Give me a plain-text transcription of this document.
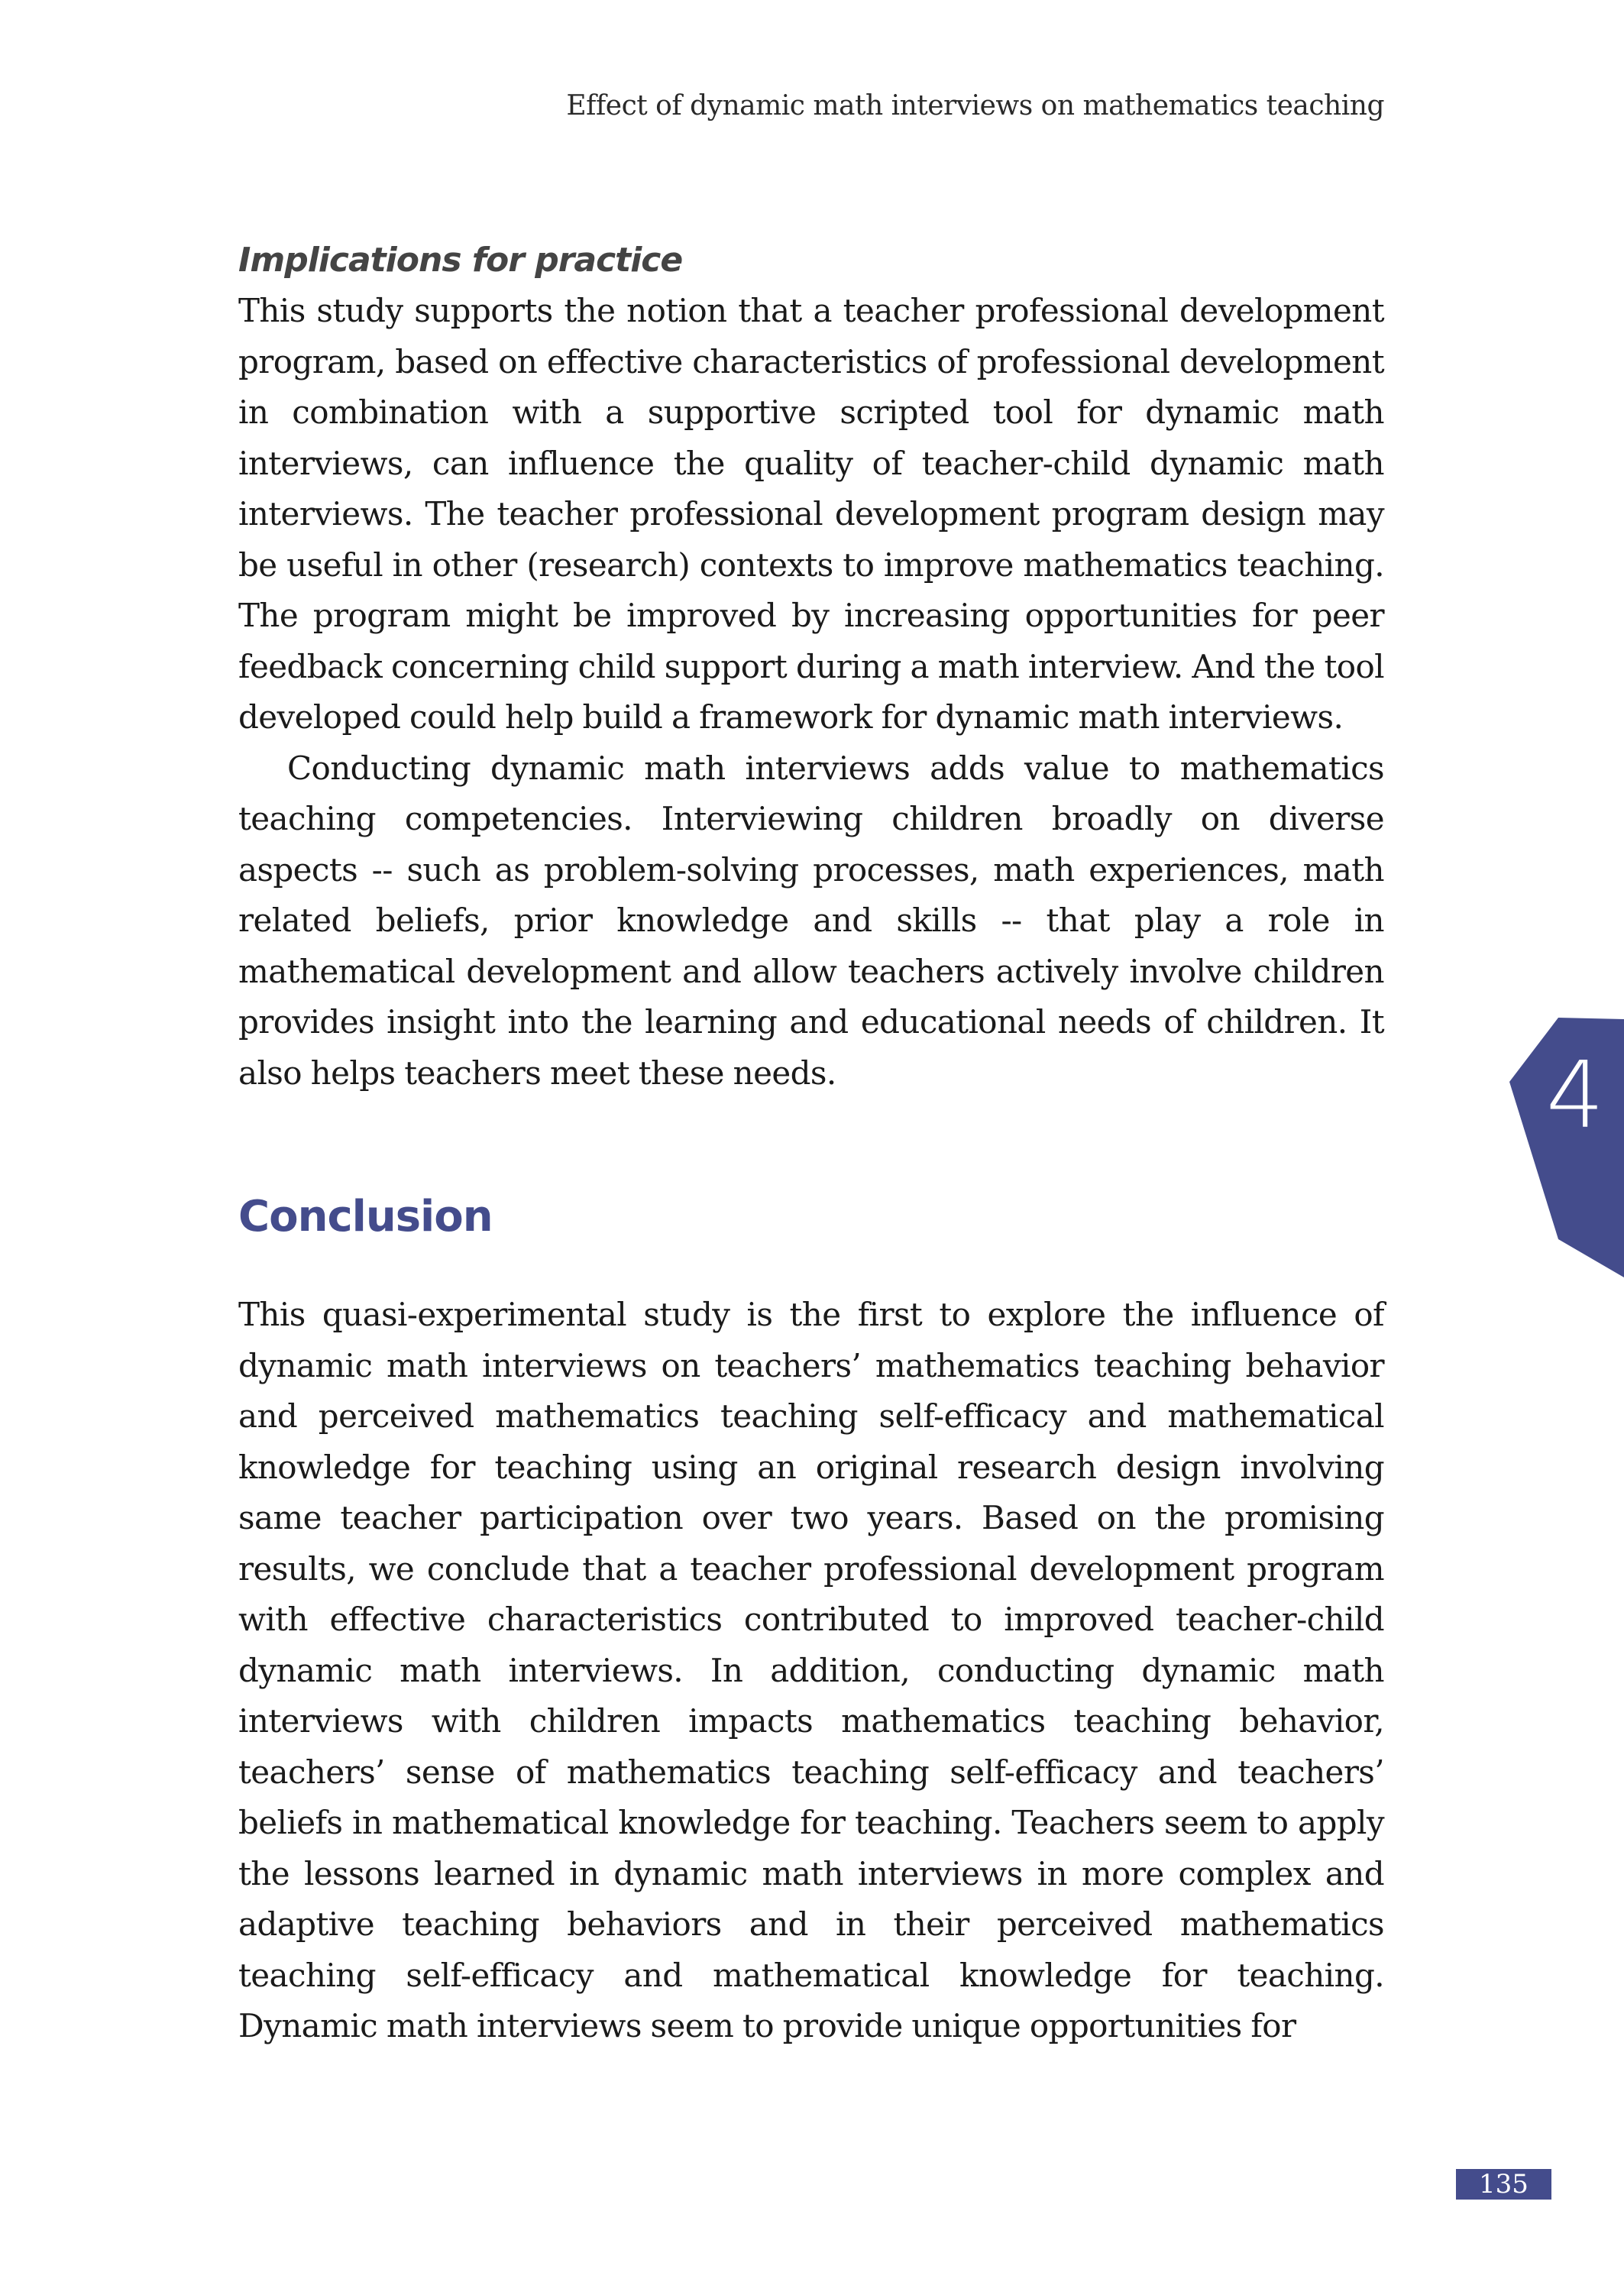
Effect of dynamic math interviews on mathematics teaching

Implications for practice

This study supports the notion that a teacher professional development program, based on effective characteristics of professional development in combination with a supportive scripted tool for dynamic math interviews, can influence the quality of teacher-child dynamic math interviews. The teacher professional development program design may be useful in other (research) contexts to improve mathematics teaching. The program might be improved by increasing opportunities for peer feedback concerning child support during a math interview. And the tool developed could help build a framework for dynamic math interviews.

Conducting dynamic math interviews adds value to mathematics teaching competencies. Interviewing children broadly on diverse aspects -- such as problem-solving processes, math experiences, math related beliefs, prior knowledge and skills -- that play a role in mathematical development and allow teachers actively involve children provides insight into the learning and educational needs of children. It also helps teachers meet these needs.

Conclusion

This quasi-experimental study is the first to explore the influence of dynamic math interviews on teachers’ mathematics teaching behavior and perceived mathematics teaching self-efficacy and mathematical knowledge for teaching using an original research design involving same teacher participation over two years. Based on the promising results, we conclude that a teacher professional development program with effective characteristics contributed to improved teacher-child dynamic math interviews. In addition, conducting dynamic math interviews with children impacts mathematics teaching behavior, teachers’ sense of mathematics teaching self-efficacy and teachers’ beliefs in mathematical knowledge for teaching. Teachers seem to apply the lessons learned in dynamic math interviews in more complex and adaptive teaching behaviors and in their perceived mathematics teaching self-efficacy and mathematical knowledge for teaching. Dynamic math interviews seem to provide unique opportunities for

4
135
